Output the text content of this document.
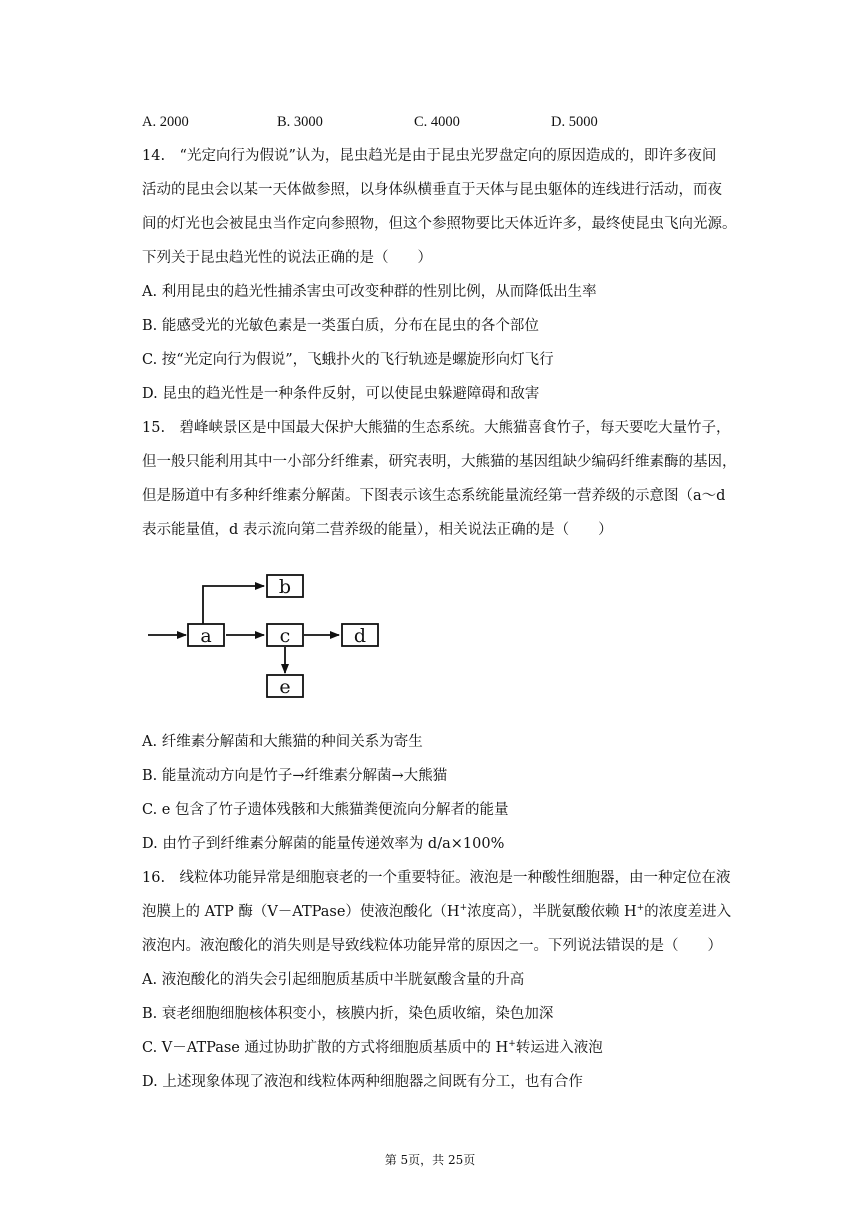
A. 2000	B. 3000	C. 4000	D. 5000
14.　“光定向行为假说”认为，昆虫趋光是由于昆虫光罗盘定向的原因造成的，即许多夜间
活动的昆虫会以某一天体做参照，以身体纵横垂直于天体与昆虫躯体的连线进行活动，而夜
间的灯光也会被昆虫当作定向参照物，但这个参照物要比天体近许多，最终使昆虫飞向光源。
下列关于昆虫趋光性的说法正确的是（　　）
A. 利用昆虫的趋光性捕杀害虫可改变种群的性别比例，从而降低出生率
B. 能感受光的光敏色素是一类蛋白质，分布在昆虫的各个部位
C. 按“光定向行为假说”，飞蛾扑火的飞行轨迹是螺旋形向灯飞行
D. 昆虫的趋光性是一种条件反射，可以使昆虫躲避障碍和敌害
15.　碧峰峡景区是中国最大保护大熊猫的生态系统。大熊猫喜食竹子，每天要吃大量竹子，
但一般只能利用其中一小部分纤维素，研究表明，大熊猫的基因组缺少编码纤维素酶的基因，
但是肠道中有多种纤维素分解菌。下图表示该生态系统能量流经第一营养级的示意图（a～d
表示能量值，d 表示流向第二营养级的能量），相关说法正确的是（　　）
a
b
c	d
e
A. 纤维素分解菌和大熊猫的种间关系为寄生
B. 能量流动方向是竹子→纤维素分解菌→大熊猫
C. e 包含了竹子遗体残骸和大熊猫粪便流向分解者的能量
D. 由竹子到纤维素分解菌的能量传递效率为 d/a×100%
16.　线粒体功能异常是细胞衰老的一个重要特征。液泡是一种酸性细胞器，由一种定位在液
泡膜上的 ATP 酶（V－ATPase）使液泡酸化（H+浓度高），半胱氨酸依赖 H+的浓度差进入
液泡内。液泡酸化的消失则是导致线粒体功能异常的原因之一。下列说法错误的是（　　）
A. 液泡酸化的消失会引起细胞质基质中半胱氨酸含量的升高
B. 衰老细胞细胞核体积变小，核膜内折，染色质收缩，染色加深
C. V－ATPase 通过协助扩散的方式将细胞质基质中的 H+转运进入液泡
D. 上述现象体现了液泡和线粒体两种细胞器之间既有分工，也有合作
第 5页，共 25页
